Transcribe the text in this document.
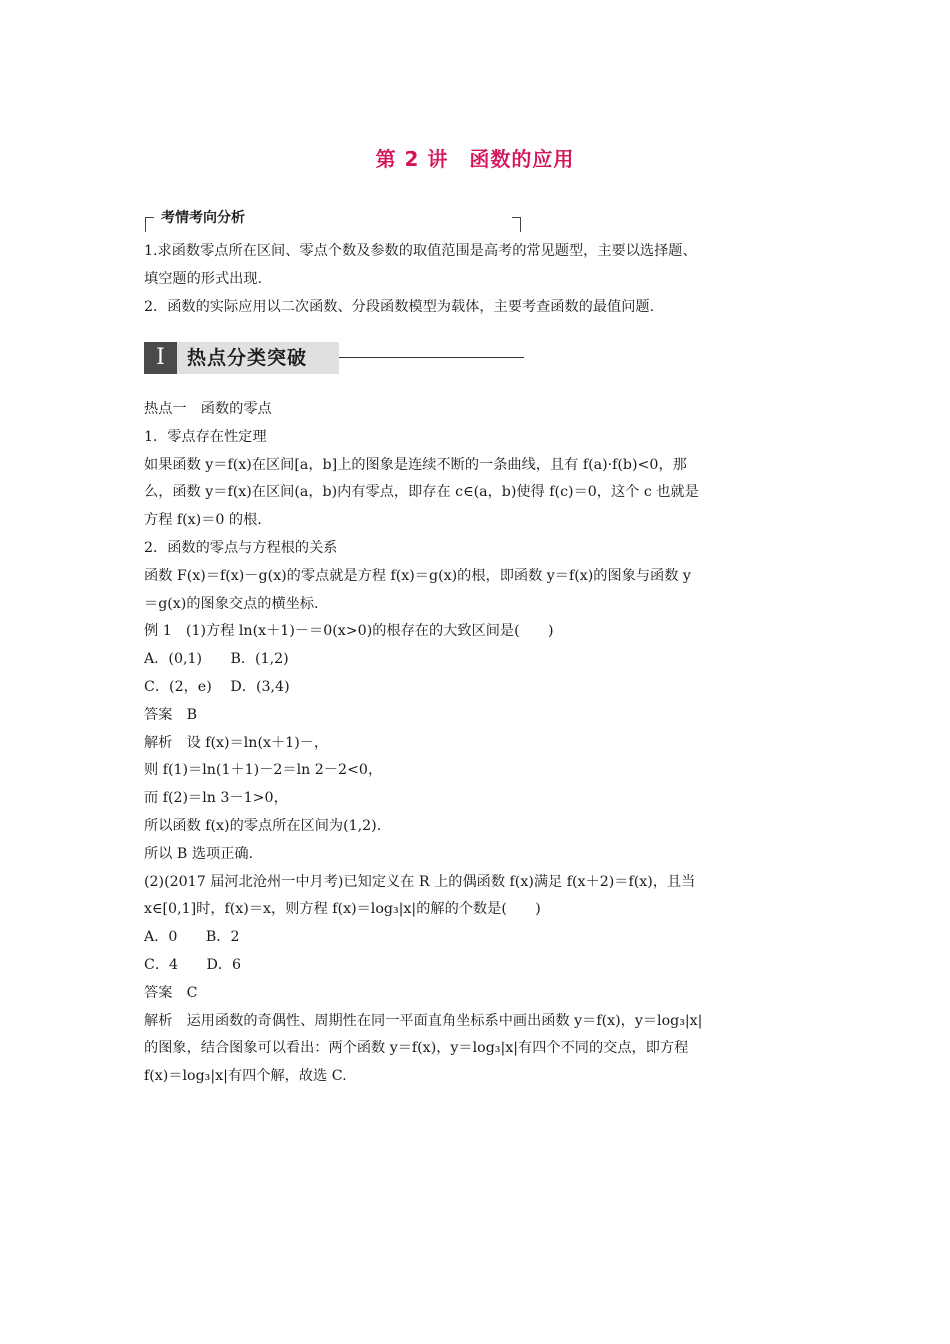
第 2 讲　函数的应用
考情考向分析

1.求函数零点所在区间、零点个数及参数的取值范围是高考的常见题型，主要以选择题、

填空题的形式出现.

2．函数的实际应用以二次函数、分段函数模型为载体，主要考查函数的最值问题.

I	热点分类突破

热点一　函数的零点

1．零点存在性定理

如果函数 y＝f(x)在区间[a，b]上的图象是连续不断的一条曲线，且有 f(a)·f(b)<0，那

么，函数 y＝f(x)在区间(a，b)内有零点，即存在 c∈(a，b)使得 f(c)＝0，这个 c 也就是

方程 f(x)＝0 的根.

2．函数的零点与方程根的关系

函数 F(x)＝f(x)－g(x)的零点就是方程 f(x)＝g(x)的根，即函数 y＝f(x)的图象与函数 y

＝g(x)的图象交点的横坐标.

例 1　(1)方程 ln(x＋1)－＝0(x>0)的根存在的大致区间是(　　)

A．(0,1)　　B．(1,2)

C．(2，e)　 D．(3,4)

答案　B

解析　设 f(x)＝ln(x＋1)－，

则 f(1)＝ln(1＋1)－2＝ln 2－2<0，

而 f(2)＝ln 3－1>0，

所以函数 f(x)的零点所在区间为(1,2).

所以 B 选项正确.

(2)(2017 届河北沧州一中月考)已知定义在 R 上的偶函数 f(x)满足 f(x＋2)＝f(x)，且当

x∈[0,1]时，f(x)＝x，则方程 f(x)＝log₃|x|的解的个数是(　　)

A．0　　B．2

C．4　　D．6

答案　C

解析　运用函数的奇偶性、周期性在同一平面直角坐标系中画出函数 y＝f(x)，y＝log₃|x|

的图象，结合图象可以看出：两个函数 y＝f(x)，y＝log₃|x|有四个不同的交点，即方程

f(x)＝log₃|x|有四个解，故选 C.
